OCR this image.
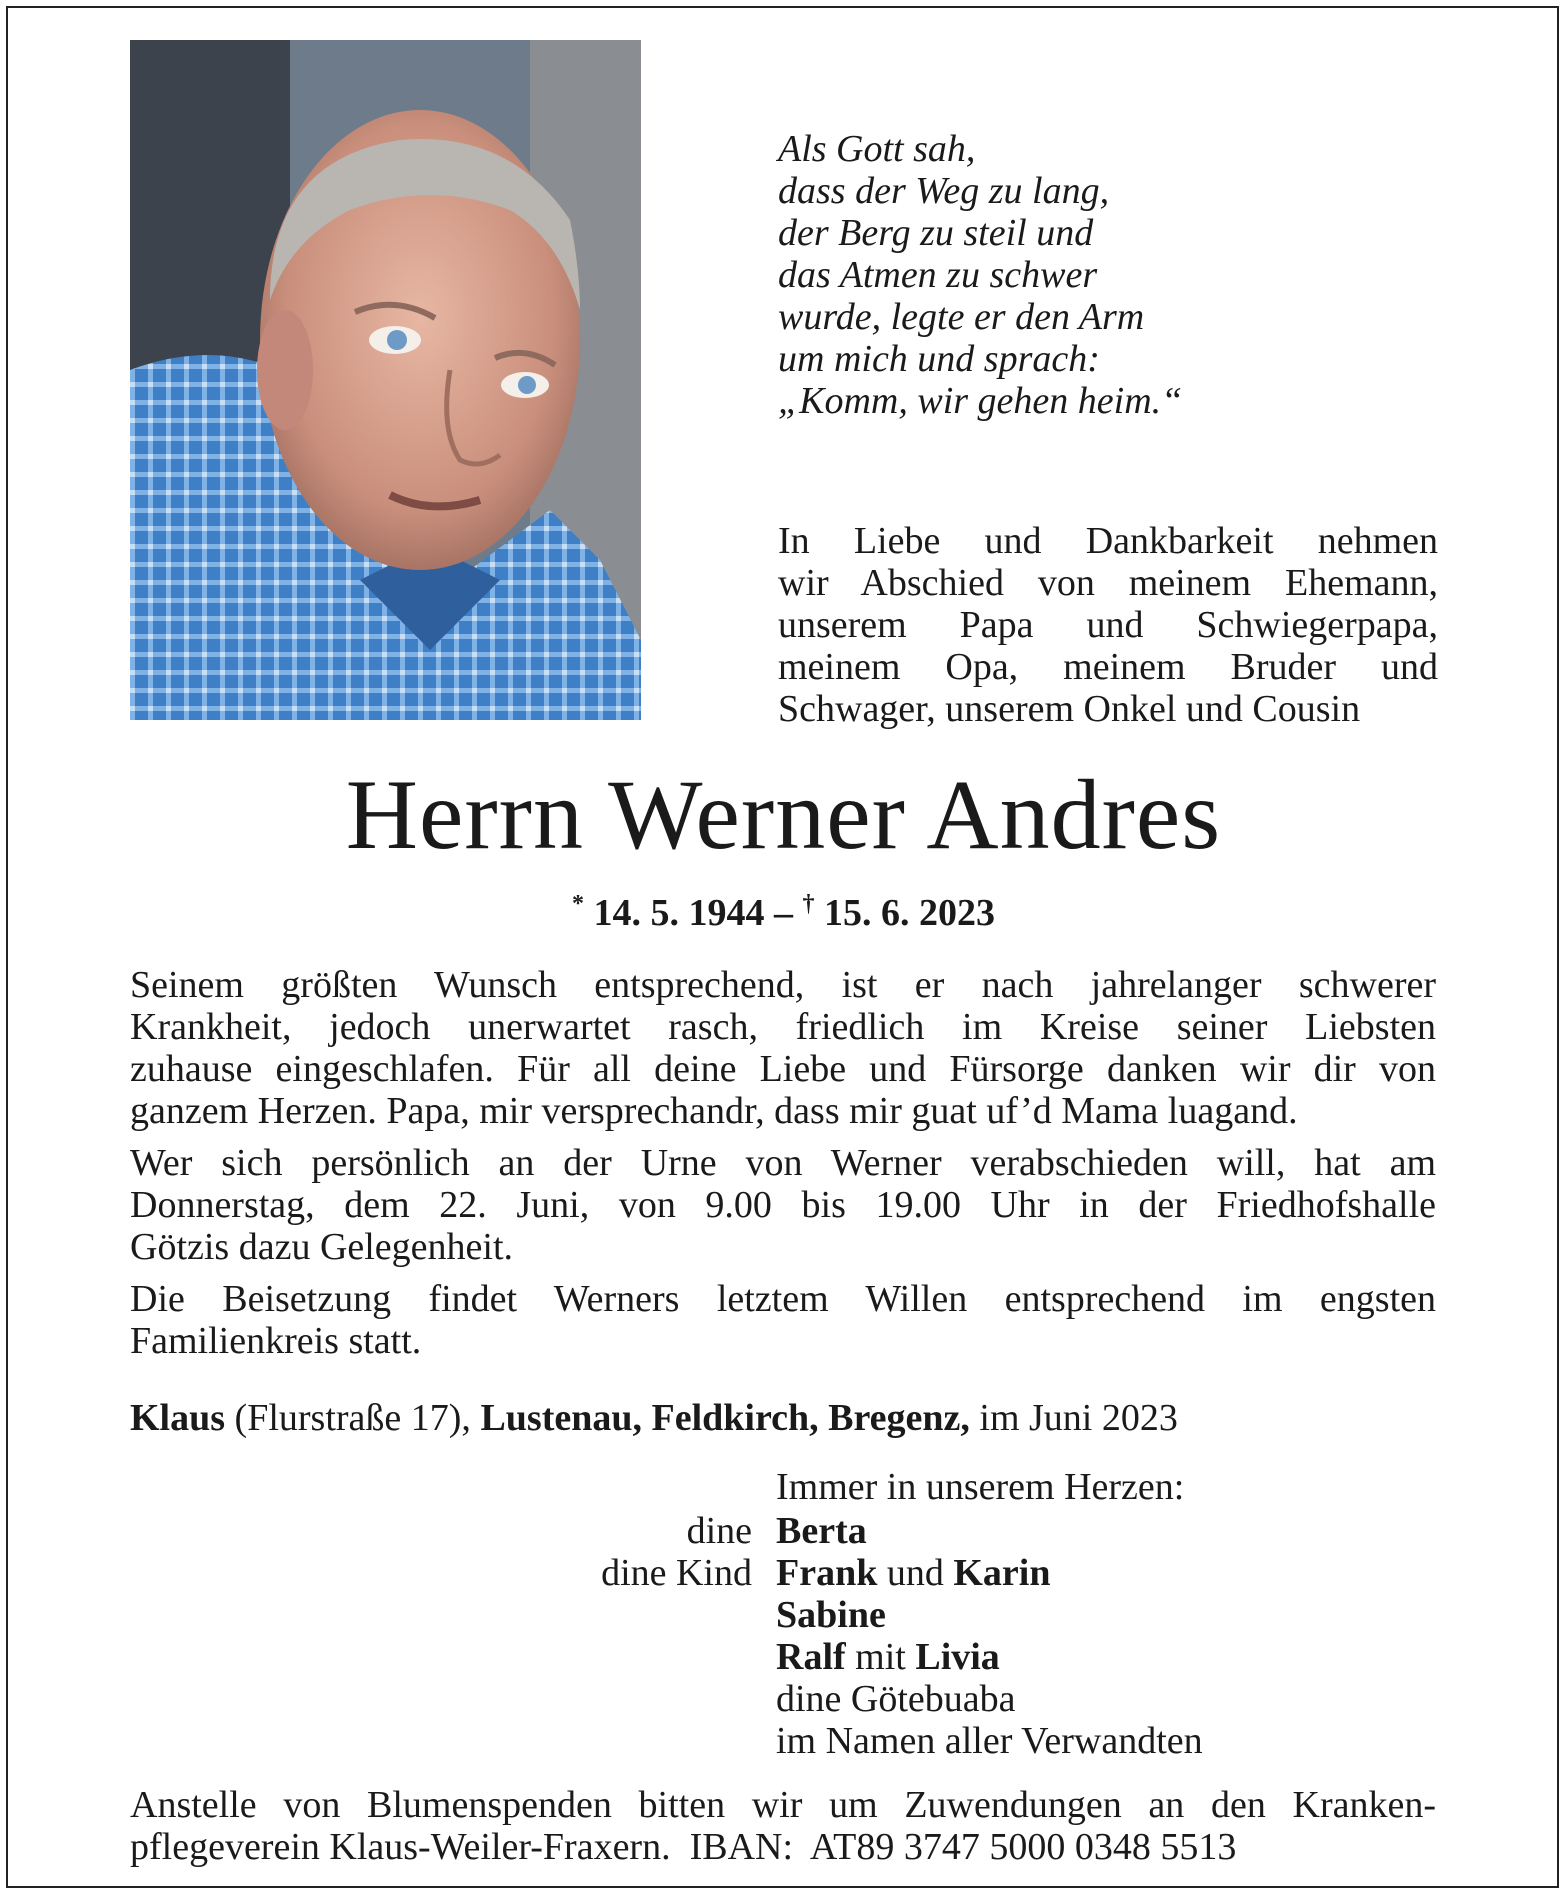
Als Gott sah,
dass der Weg zu lang,
der Berg zu steil und
das Atmen zu schwer
wurde, legte er den Arm
um mich und sprach:
„Komm, wir gehen heim.“
In Liebe und Dankbarkeit nehmen
wir Abschied von meinem Ehemann,
unserem Papa und Schwiegerpapa,
meinem Opa, meinem Bruder und
Schwager, unserem Onkel und Cousin
Herrn Werner Andres
* 14. 5. 1944 – † 15. 6. 2023
Seinem größten Wunsch entsprechend, ist er nach jahrelanger schwerer
Krankheit, jedoch unerwartet rasch, friedlich im Kreise seiner Liebsten
zuhause eingeschlafen. Für all deine Liebe und Fürsorge danken wir dir von
ganzem Herzen. Papa, mir versprechandr, dass mir guat uf’d Mama luagand.
Wer sich persönlich an der Urne von Werner verabschieden will, hat am
Donnerstag, dem 22. Juni, von 9.00 bis 19.00 Uhr in der Friedhofshalle
Götzis dazu Gelegenheit.
Die Beisetzung findet Werners letztem Willen entsprechend im engsten
Familienkreis statt.
Klaus (Flurstraße 17), Lustenau, Feldkirch, Bregenz, im Juni 2023
Immer in unserem Herzen:
dine Berta
dine Kind Frank und Karin
Sabine
Ralf mit Livia
dine Götebuaba
im Namen aller Verwandten
Anstelle von Blumenspenden bitten wir um Zuwendungen an den Kranken-
pflegeverein Klaus-Weiler-Fraxern.  IBAN:  AT89 3747 5000 0348 5513
